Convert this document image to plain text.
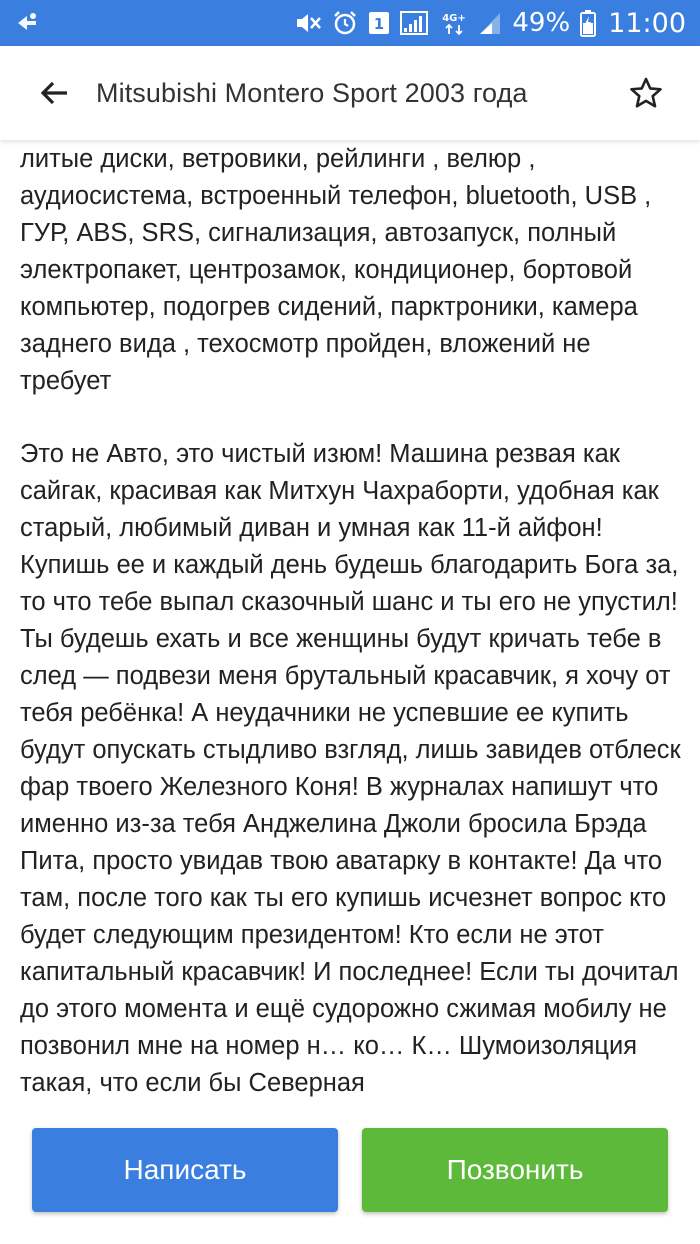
1	4G+ 49% 11:00
Mitsubishi Montero Sport 2003 года

литые диски, ветровики, рейлинги , велюр , аудиосистема, встроенный телефон, bluetooth, USB , ГУР, ABS, SRS, сигнализация, автозапуск, полный электропакет, центрозамок, кондиционер, бортовой компьютер, подогрев сидений, парктроники, камера заднего вида , техосмотр пройден, вложений не требует

Это не Авто, это чистый изюм! Машина резвая как сайгак, красивая как Митхун Чахраборти, удобная как старый, любимый диван и умная как 11-й айфон! Купишь ее и каждый день будешь благодарить Бога за, то что тебе выпал сказочный шанс и ты его не упустил! Ты будешь ехать и все женщины будут кричать тебе в след — подвези меня брутальный красавчик, я хочу от тебя ребёнка! А неудачники не успевшие ее купить будут опускать стыдливо взгляд, лишь завидев отблеск фар твоего Железного Коня! В журналах напишут что именно из-за тебя Анджелина Джоли бросила Брэда Пита, просто увидав твою аватарку в контакте! Да что там, после того как ты его купишь исчезнет вопрос кто будет следующим президентом! Кто если не этот капитальный красавчик! И последнее! Если ты дочитал до этого момента и ещё судорожно сжимая мобилу не позвонил мне на номер н… ко… К… Шумоизоляция такая, что если бы Северная

Написать	Позвонить
